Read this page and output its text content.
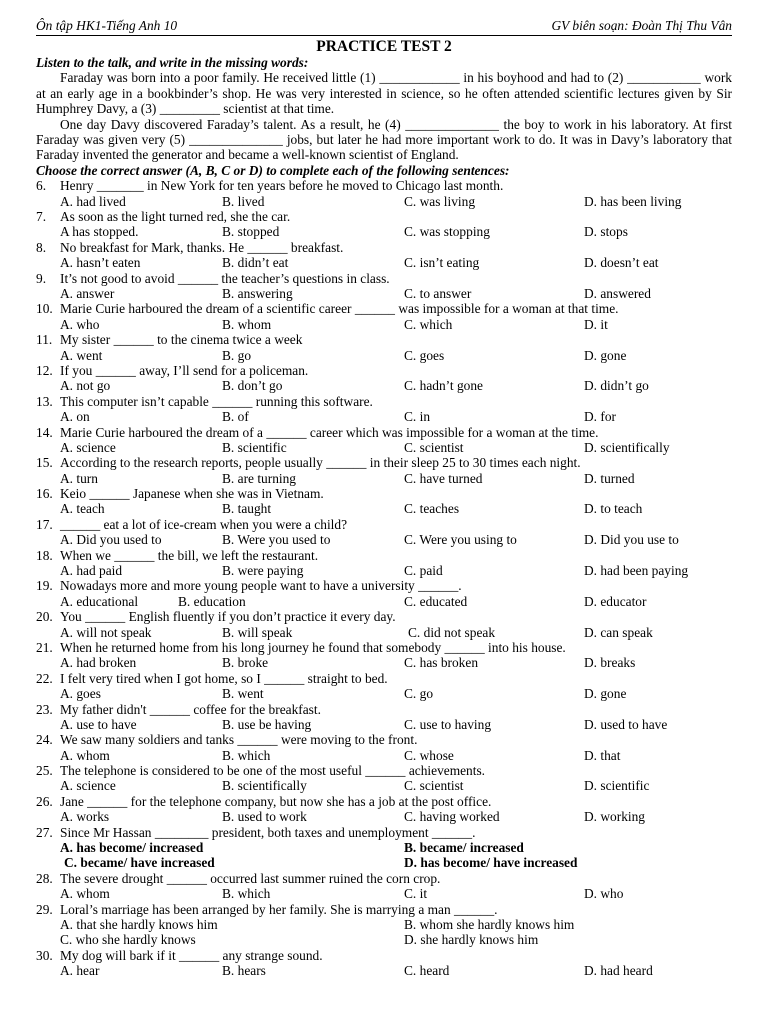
Ôn tập HK1-Tiếng Anh 10	GV biên soạn: Đoàn Thị Thu Vân
PRACTICE TEST 2
Listen to the talk, and write in the missing words:
Faraday was born into a poor family. He received little (1) ____________ in his boyhood and had to (2) ___________ work at an early age in a bookbinder’s shop. He was very interested in science, so he often attended scientific lectures given by Sir Humphrey Davy, a (3) _________ scientist at that time.
One day Davy discovered Faraday’s talent. As a result, he (4) ______________ the boy to work in his laboratory. At first Faraday was given very (5) ______________ jobs, but later he had more important work to do. It was in Davy’s laboratory that Faraday invented the generator and became a well-known scientist of England.
Choose the correct answer (A, B, C or D) to complete each of the following sentences:
6.	Henry _______ in New York for ten years before he moved to Chicago last month.
A. had lived	B. lived	C. was living	D. has been living
7.	As soon as the light turned red, she the car.
A has stopped.	B. stopped	C. was stopping	D. stops
8.	No breakfast for Mark, thanks. He ______ breakfast.
A. hasn’t eaten	B. didn’t eat	C. isn’t eating	D. doesn’t eat
9.	It’s not good to avoid ______ the teacher’s questions in class.
A. answer	B. answering	C. to answer	D. answered
10. Marie Curie harboured the dream of a scientific career ______ was impossible for a woman at that time.
A. who	B. whom	C. which	D. it
11. My sister ______ to the cinema twice a week
A. went	B. go	C. goes	D. gone
12. If you ______ away, I’ll send for a policeman.
A. not go	B. don’t go	C. hadn’t gone	D. didn’t go
13. This computer isn’t capable ______ running this software.
A. on	B. of	C. in	D. for
14. Marie Curie harboured the dream of a ______ career which was impossible for a woman at the time.
A. science	B. scientific	C. scientist	D. scientifically
15. According to the research reports, people usually ______ in their sleep 25 to 30 times each night.
A. turn	B. are turning	C. have turned	D. turned
16. Keio ______ Japanese when she was in Vietnam.
A. teach	B. taught	C. teaches	D. to teach
17. ______ eat a lot of ice-cream when you were a child?
A. Did you used to	B. Were you used to	C. Were you using to	D. Did you use to
18. When we ______ the bill, we left the restaurant.
A. had paid	B. were paying	C. paid	D. had been paying
19. Nowadays more and more young people want to have a university ______.
A. educational	B. education	C. educated	D. educator
20. You ______ English fluently if you don’t practice it every day.
A. will not speak	B. will speak	C. did not speak	D. can speak
21. When he returned home from his long journey he found that somebody ______ into his house.
A. had broken	B. broke	C. has broken	D. breaks
22. I felt very tired when I got home, so I ______ straight to bed.
A. goes	B. went	C. go	D. gone
23. My father didn't ______ coffee for the breakfast.
A. use to have	B. use be having	C. use to having	D. used to have
24. We saw many soldiers and tanks ______ were moving to the front.
A. whom	B. which	C. whose	D. that
25. The telephone is considered to be one of the most useful ______ achievements.
A. science	B. scientifically	C. scientist	D. scientific
26. Jane ______ for the telephone company, but now she has a job at the post office.
A. works	B. used to work	C. having worked	D. working
27. Since Mr Hassan ________ president, both taxes and unemployment ______.
A. has become/ increased	B. became/ increased
C. became/ have increased	D. has become/ have increased
28. The severe drought ______ occurred last summer ruined the corn crop.
A. whom	B. which	C. it	D. who
29. Loral’s marriage has been arranged by her family. She is marrying a man ______.
A. that she hardly knows him	B. whom she hardly knows him
C. who she hardly knows	D. she hardly knows him
30. My dog will bark if it ______ any strange sound.
A. hear	B. hears	C. heard	D. had heard
